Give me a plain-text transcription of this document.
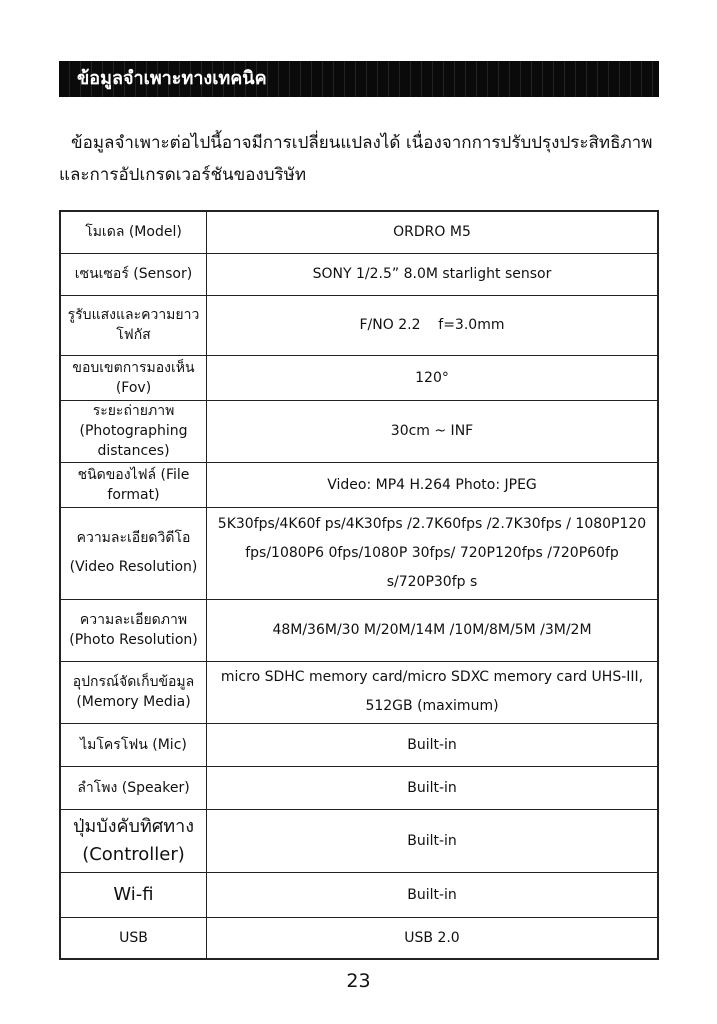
ข้อมูลจำเพาะทางเทคนิค
ข้อมูลจำเพาะต่อไปนี้อาจมีการเปลี่ยนแปลงได้ เนื่องจากการปรับปรุงประสิทธิภาพและการอัปเกรดเวอร์ชันของบริษัท
โมเดล (Model)	ORDRO M5
เซนเซอร์ (Sensor)	SONY 1/2.5” 8.0M starlight sensor
รูรับแสงและความยาวโฟกัส	F/NO 2.2    f=3.0mm
ขอบเขตการมองเห็น (Fov)	120°
ระยะถ่ายภาพ (Photographing distances)	30cm ~ INF
ชนิดของไฟล์ (File format)	Video: MP4 H.264 Photo: JPEG
ความละเอียดวิดีโอ (Video Resolution)	5K30fps/4K60f ps/4K30fps /2.7K60fps /2.7K30fps / 1080P120 fps/1080P6 0fps/1080P 30fps/ 720P120fps /720P60fp s/720P30fp s
ความละเอียดภาพ (Photo Resolution)	48M/36M/30 M/20M/14M /10M/8M/5M /3M/2M
อุปกรณ์จัดเก็บข้อมูล (Memory Media)	micro SDHC memory card/micro SDXC memory card UHS-III, 512GB (maximum)
ไมโครโฟน (Mic)	Built-in
ลำโพง (Speaker)	Built-in
ปุ่มบังคับทิศทาง (Controller)	Built-in
Wi-fi	Built-in
USB	USB 2.0
23
